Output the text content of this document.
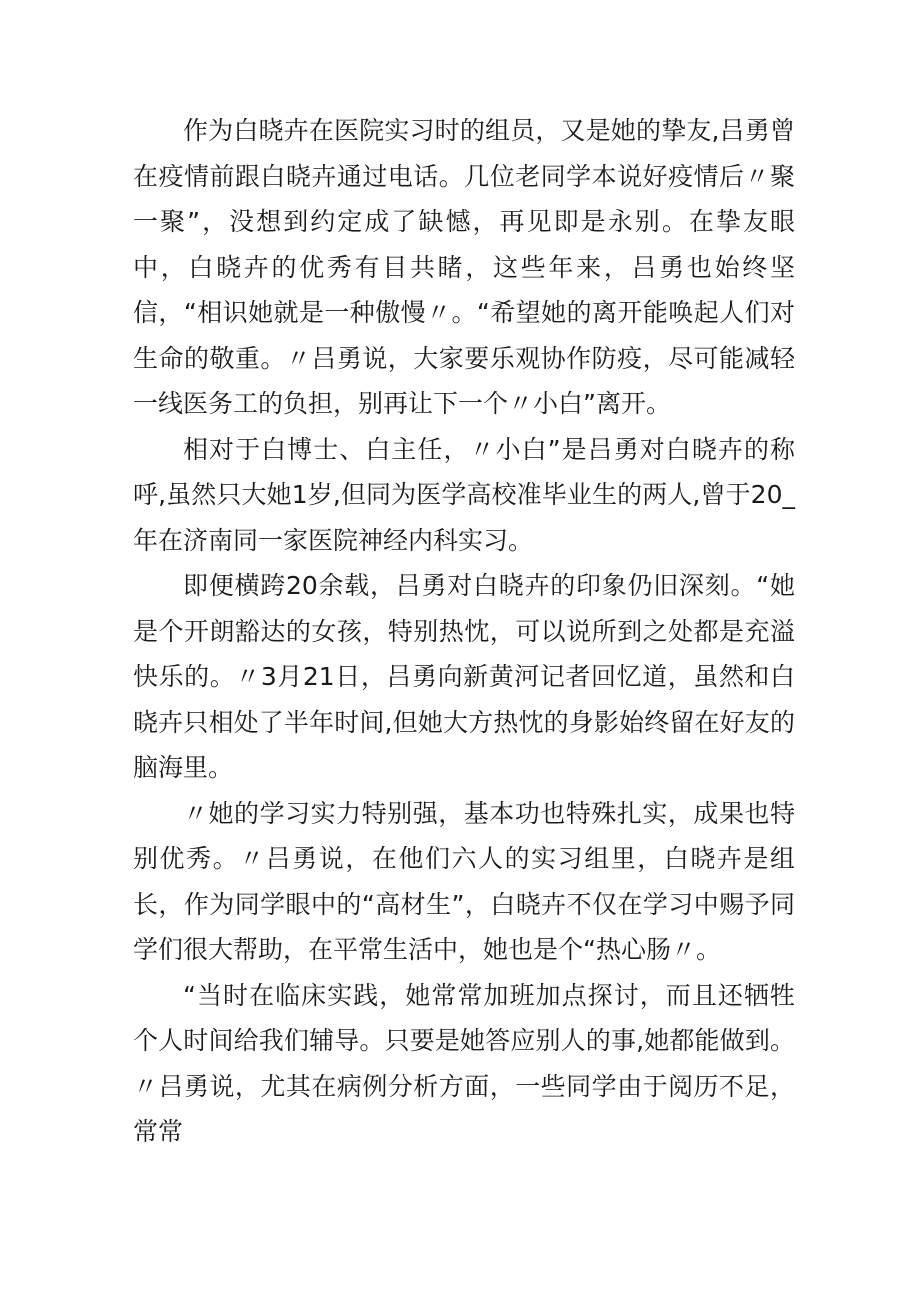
作为白晓卉在医院实习时的组员，又是她的挚友,吕勇曾在疫情前跟白晓卉通过电话。几位老同学本说好疫情后〃聚一聚”，没想到约定成了缺憾，再见即是永别。在挚友眼中，白晓卉的优秀有目共睹，这些年来，吕勇也始终坚信，“相识她就是一种傲慢〃。“希望她的离开能唤起人们对生命的敬重。〃吕勇说，大家要乐观协作防疫，尽可能减轻一线医务工的负担，别再让下一个〃小白”离开。

相对于白博士、白主任，〃小白”是吕勇对白晓卉的称呼,虽然只大她1岁,但同为医学高校准毕业生的两人,曾于20_年在济南同一家医院神经内科实习。

即便横跨20余载，吕勇对白晓卉的印象仍旧深刻。“她是个开朗豁达的女孩，特别热忱，可以说所到之处都是充溢快乐的。〃3月21日，吕勇向新黄河记者回忆道，虽然和白晓卉只相处了半年时间,但她大方热忱的身影始终留在好友的脑海里。

〃她的学习实力特别强，基本功也特殊扎实，成果也特别优秀。〃吕勇说，在他们六人的实习组里，白晓卉是组长，作为同学眼中的“高材生”，白晓卉不仅在学习中赐予同学们很大帮助，在平常生活中，她也是个“热心肠〃。

“当时在临床实践，她常常加班加点探讨，而且还牺牲个人时间给我们辅导。只要是她答应别人的事,她都能做到。〃吕勇说，尤其在病例分析方面，一些同学由于阅历不足，常常
